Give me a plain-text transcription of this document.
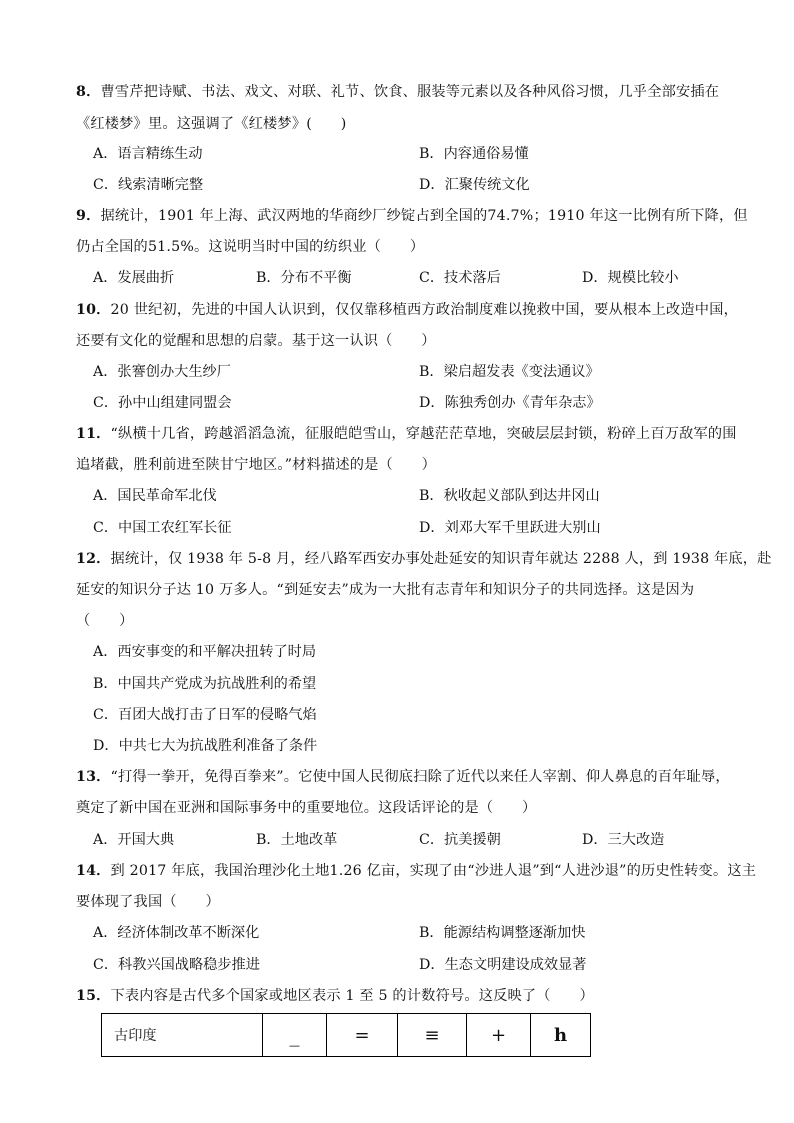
8．曹雪芹把诗赋、书法、戏文、对联、礼节、饮食、服装等元素以及各种风俗习惯，几乎全部安插在
《红楼梦》里。这强调了《红楼梦》(　　)
A．语言精练生动	B．内容通俗易懂
C．线索清晰完整	D．汇聚传统文化
9．据统计，1901 年上海、武汉两地的华商纱厂纱锭占到全国的74.7%；1910 年这一比例有所下降，但
仍占全国的51.5%。这说明当时中国的纺织业（　　）
A．发展曲折	B．分布不平衡	C．技术落后	D．规模比较小
10．20 世纪初，先进的中国人认识到，仅仅靠移植西方政治制度难以挽救中国，要从根本上改造中国，
还要有文化的觉醒和思想的启蒙。基于这一认识（　　）
A．张謇创办大生纱厂	B．梁启超发表《变法通议》
C．孙中山组建同盟会	D．陈独秀创办《青年杂志》
11．“纵横十几省，跨越滔滔急流，征服皑皑雪山，穿越茫茫草地，突破层层封锁，粉碎上百万敌军的围
追堵截，胜利前进至陕甘宁地区。”材料描述的是（　　）
A．国民革命军北伐	B．秋收起义部队到达井冈山
C．中国工农红军长征	D．刘邓大军千里跃进大别山
12．据统计，仅 1938 年 5-8 月，经八路军西安办事处赴延安的知识青年就达 2288 人，到 1938 年底，赴
延安的知识分子达 10 万多人。“到延安去”成为一大批有志青年和知识分子的共同选择。这是因为
（　　）
A．西安事变的和平解决扭转了时局
B．中国共产党成为抗战胜利的希望
C．百团大战打击了日军的侵略气焰
D．中共七大为抗战胜利准备了条件
13．“打得一拳开，免得百拳来”。它使中国人民彻底扫除了近代以来任人宰割、仰人鼻息的百年耻辱，
奠定了新中国在亚洲和国际事务中的重要地位。这段话评论的是（　　）
A．开国大典	B．土地改革	C．抗美援朝	D．三大改造
14．到 2017 年底，我国治理沙化土地1.26 亿亩，实现了由“沙进人退”到“人进沙退”的历史性转变。这主
要体现了我国（　　）
A．经济体制改革不断深化	B．能源结构调整逐渐加快
C．科教兴国战略稳步推进	D．生态文明建设成效显著
15．下表内容是古代多个国家或地区表示 1 至 5 的计数符号。这反映了（　　）
古印度	_	=	≡	+	h
